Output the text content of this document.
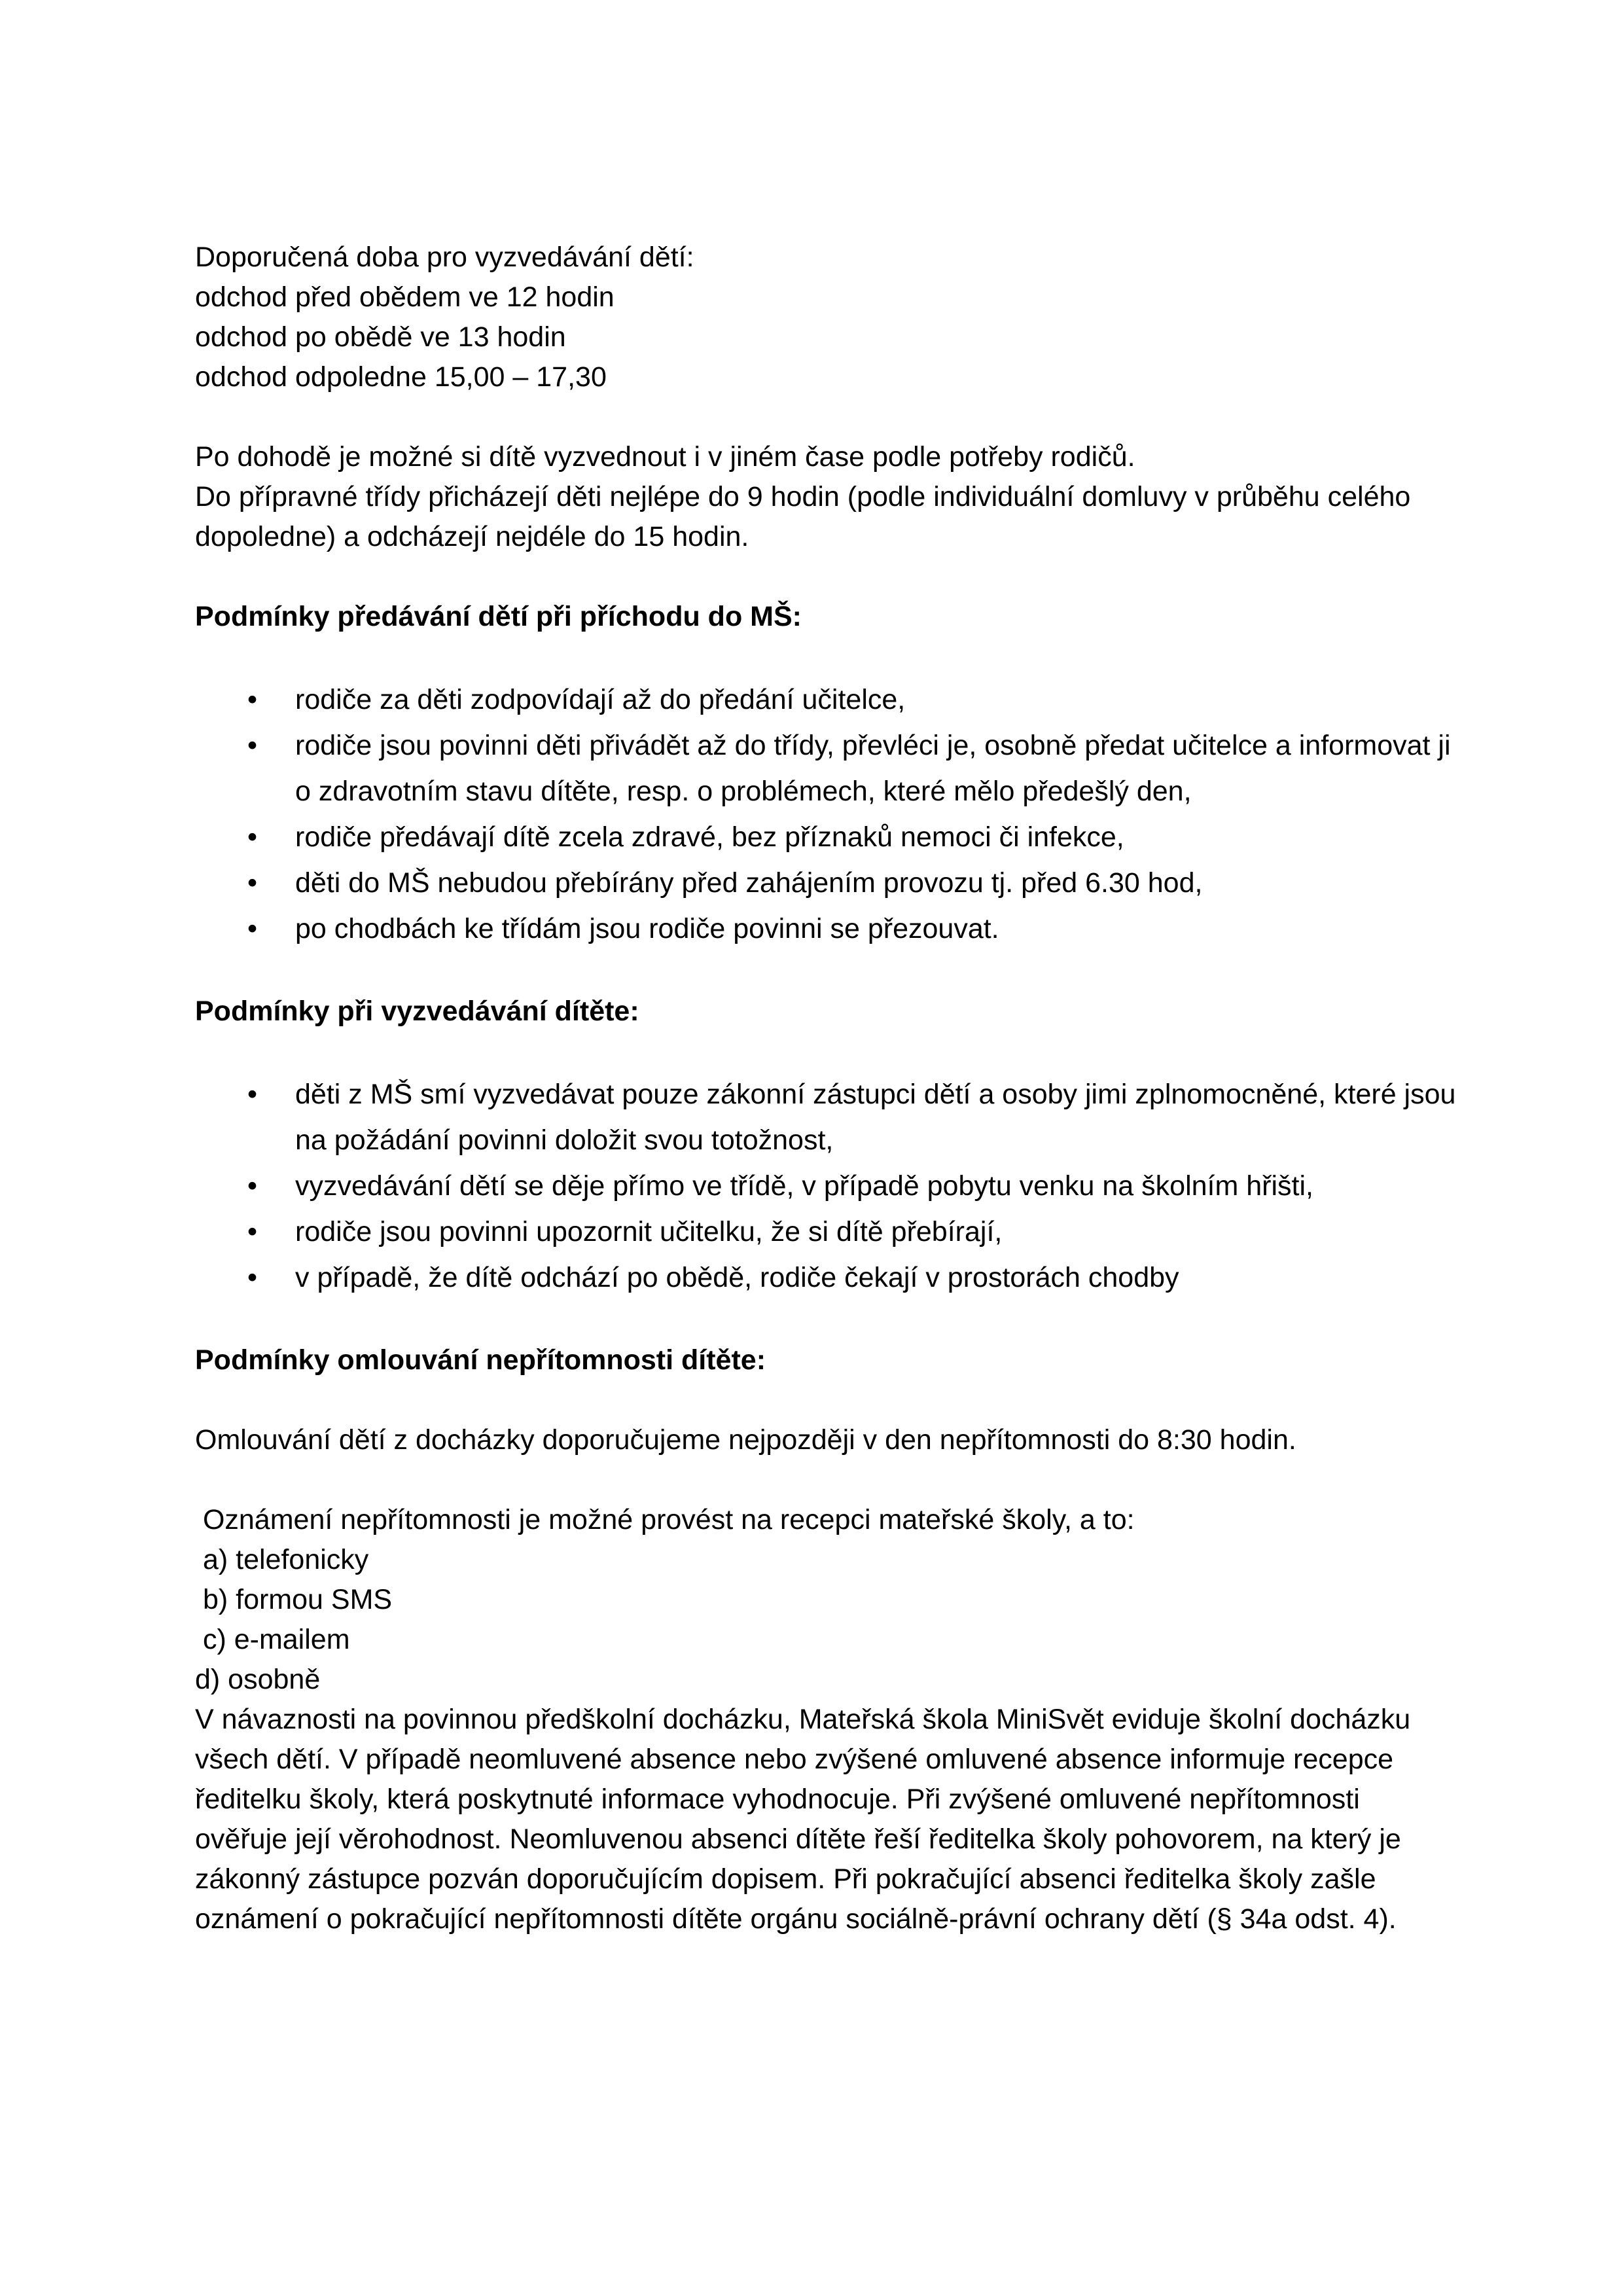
Doporučená doba pro vyzvedávání dětí:

odchod před obědem ve 12 hodin

odchod po obědě ve 13 hodin

odchod odpoledne 15,00 – 17,30

Po dohodě je možné si dítě vyzvednout i v jiném čase podle potřeby rodičů.

Do přípravné třídy přicházejí děti nejlépe do 9 hodin (podle individuální domluvy v průběhu celého dopoledne) a odcházejí nejdéle do 15 hodin.

Podmínky předávání dětí při příchodu do MŠ:

• rodiče za děti zodpovídají až do předání učitelce,
• rodiče jsou povinni děti přivádět až do třídy, převléci je, osobně předat učitelce a informovat ji o zdravotním stavu dítěte, resp. o problémech, které mělo předešlý den,
• rodiče předávají dítě zcela zdravé, bez příznaků nemoci či infekce,
• děti do MŠ nebudou přebírány před zahájením provozu tj. před 6.30 hod,
• po chodbách ke třídám jsou rodiče povinni se přezouvat.

Podmínky při vyzvedávání dítěte:

• děti z MŠ smí vyzvedávat pouze zákonní zástupci dětí a osoby jimi zplnomocněné, které jsou na požádání povinni doložit svou totožnost,
• vyzvedávání dětí se děje přímo ve třídě, v případě pobytu venku na školním hřišti,
• rodiče jsou povinni upozornit učitelku, že si dítě přebírají,
• v případě, že dítě odchází po obědě, rodiče čekají v prostorách chodby

Podmínky omlouvání nepřítomnosti dítěte:

Omlouvání dětí z docházky doporučujeme nejpozději v den nepřítomnosti do 8:30 hodin.

Oznámení nepřítomnosti je možné provést na recepci mateřské školy, a to:

a) telefonicky

b) formou SMS

c) e-mailem

d) osobně

V návaznosti na povinnou předškolní docházku, Mateřská škola MiniSvět eviduje školní docházku všech dětí. V případě neomluvené absence nebo zvýšené omluvené absence informuje recepce ředitelku školy, která poskytnuté informace vyhodnocuje. Při zvýšené omluvené nepřítomnosti ověřuje její věrohodnost. Neomluvenou absenci dítěte řeší ředitelka školy pohovorem, na který je zákonný zástupce pozván doporučujícím dopisem. Při pokračující absenci ředitelka školy zašle oznámení o pokračující nepřítomnosti dítěte orgánu sociálně-právní ochrany dětí (§ 34a odst. 4).
